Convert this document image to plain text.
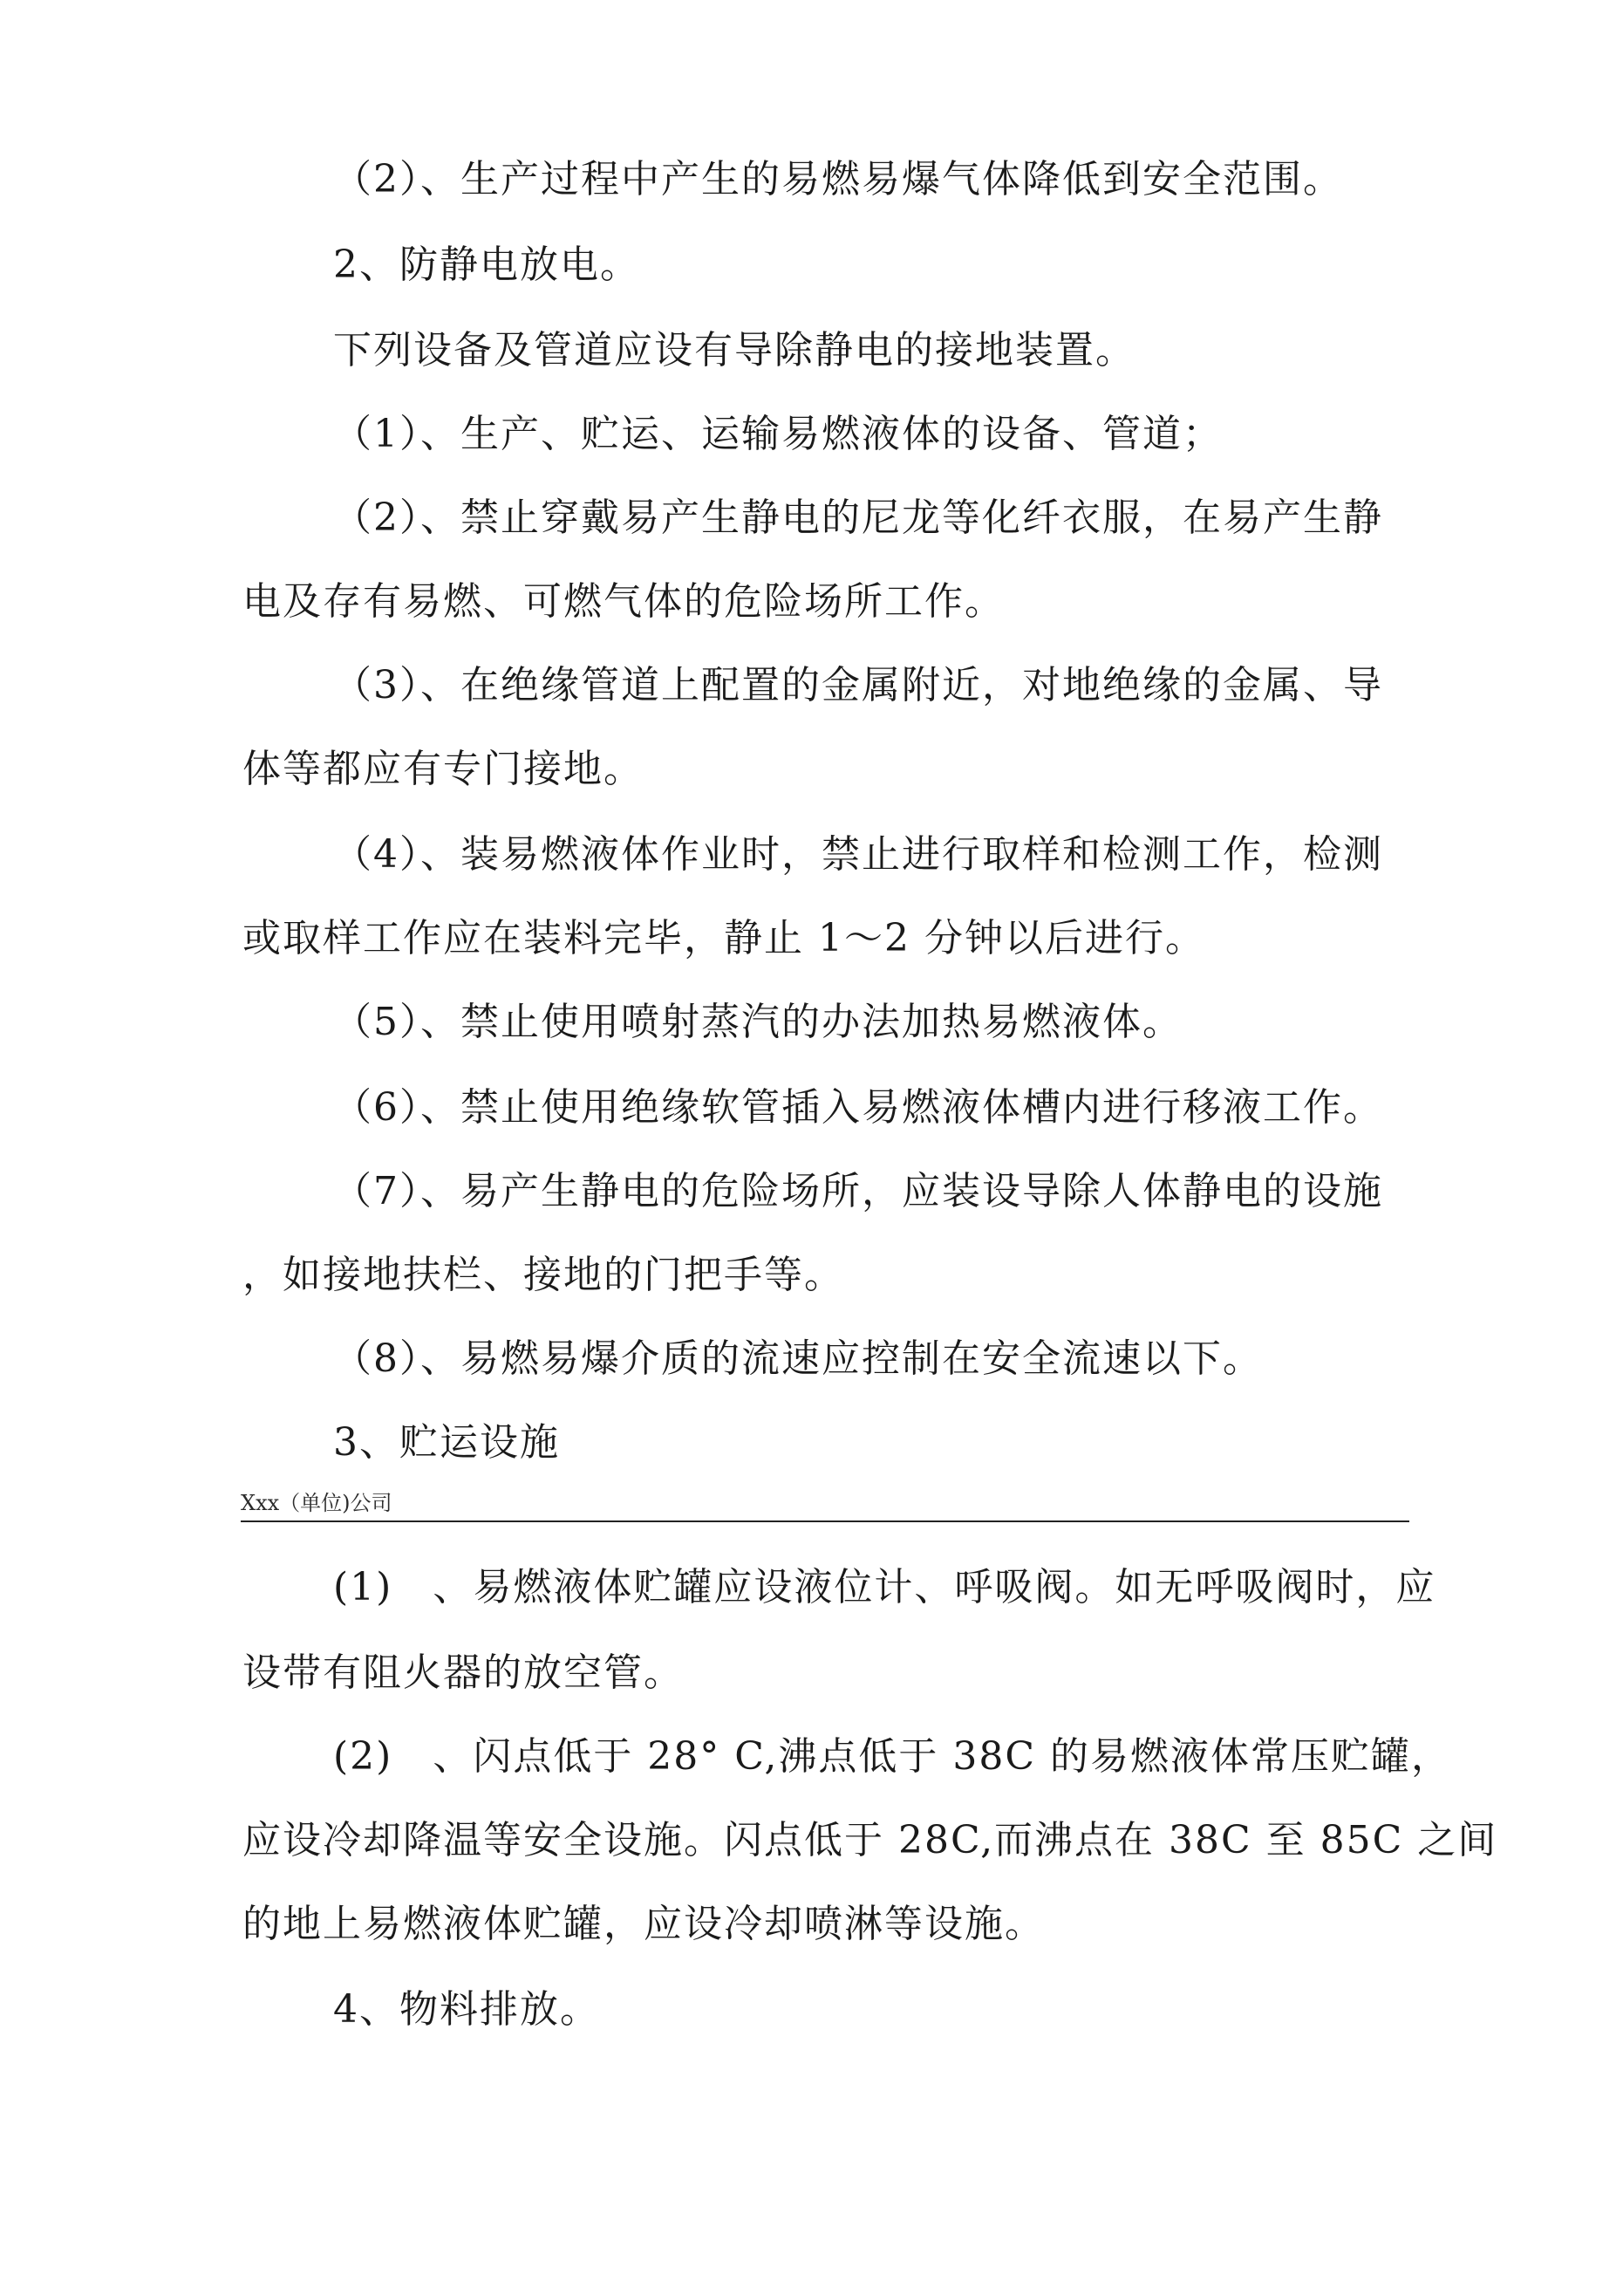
（2）、生产过程中产生的易燃易爆气体降低到安全范围。
2、防静电放电。
下列设备及管道应设有导除静电的接地装置。
（1）、生产、贮运、运输易燃液体的设备、管道；
（2）、禁止穿戴易产生静电的尼龙等化纤衣服，在易产生静
电及存有易燃、可燃气体的危险场所工作。
（3）、在绝缘管道上配置的金属附近，对地绝缘的金属、导
体等都应有专门接地。
（4）、装易燃液体作业时，禁止进行取样和检测工作，检测
或取样工作应在装料完毕，静止 1〜2 分钟以后进行。
（5）、禁止使用喷射蒸汽的办法加热易燃液体。
（6）、禁止使用绝缘软管插入易燃液体槽内进行移液工作。
（7）、易产生静电的危险场所，应装设导除人体静电的设施
，如接地扶栏、接地的门把手等。
（8）、易燃易爆介质的流速应控制在安全流速以下。
3、贮运设施
Xxx（单位)公司
(1)　、易燃液体贮罐应设液位计、呼吸阀。如无呼吸阀时，应
设带有阻火器的放空管。
(2)　、闪点低于 28° C,沸点低于 38C 的易燃液体常压贮罐，
应设冷却降温等安全设施。闪点低于 28C,而沸点在 38C 至 85C 之间
的地上易燃液体贮罐，应设冷却喷淋等设施。
4、物料排放。
